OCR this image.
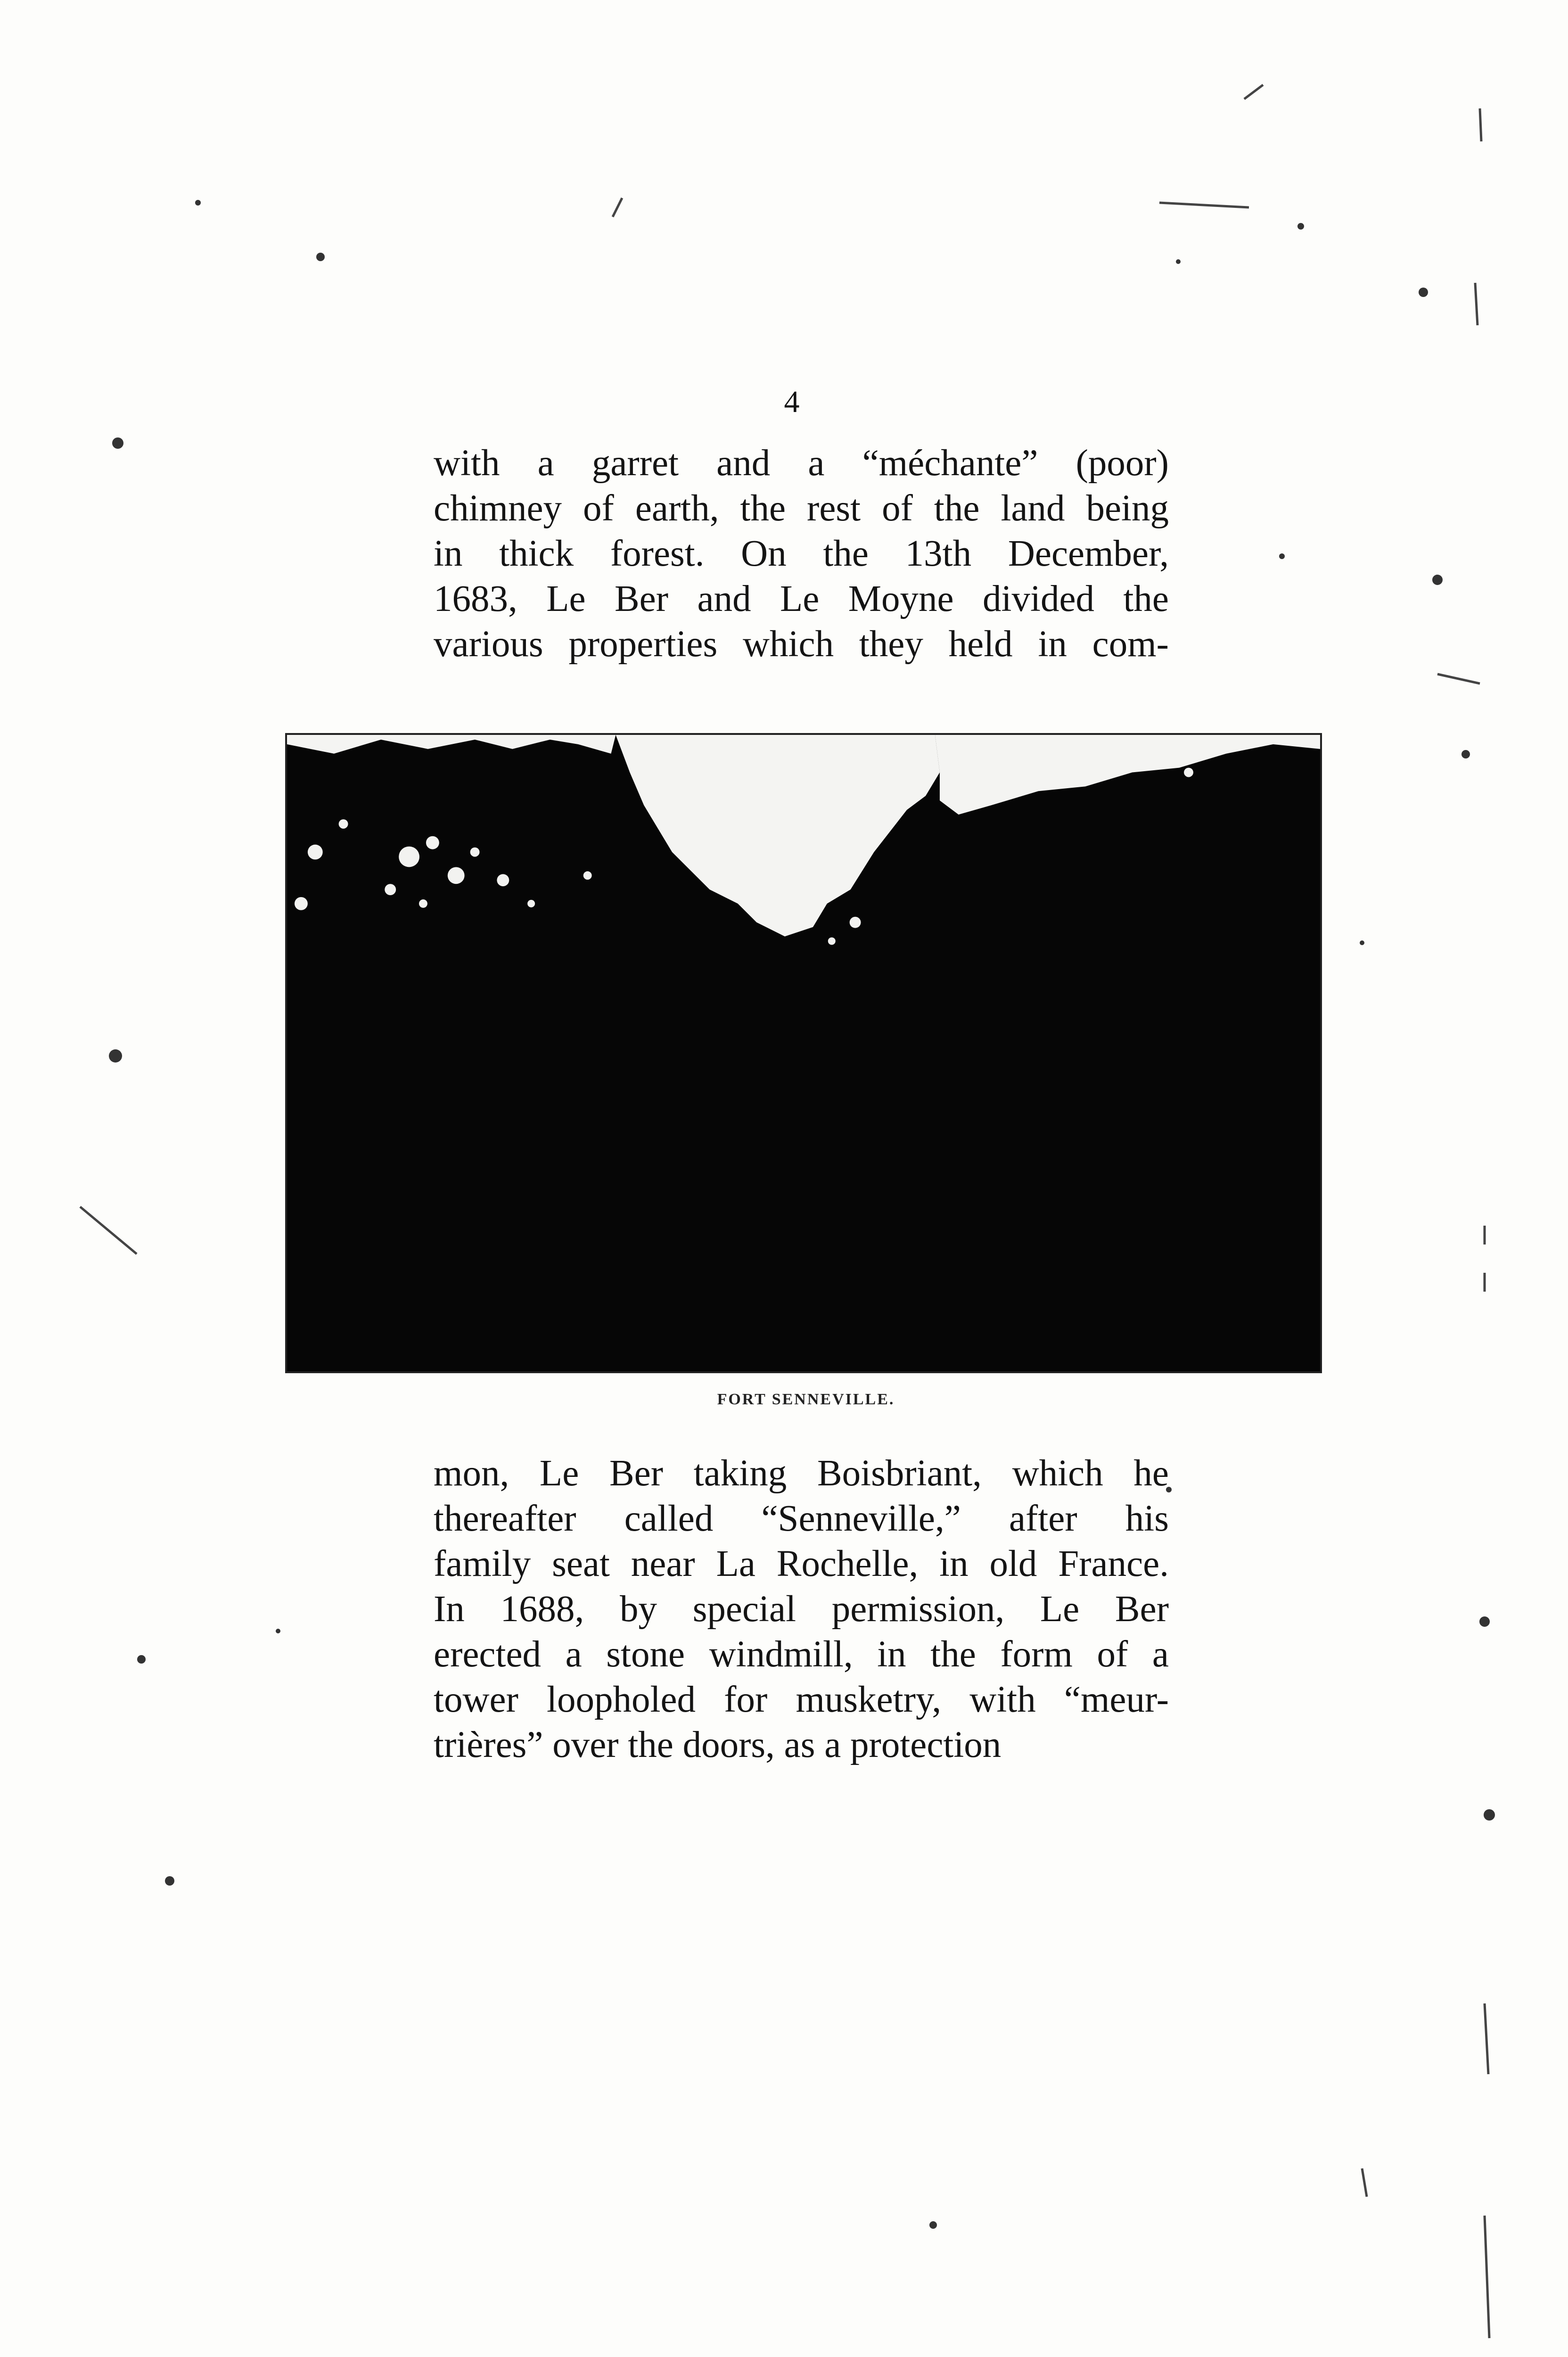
4
with a garret and a “méchante” (poor)
chimney of earth, the rest of the land being
in thick forest. On the 13th December,
1683, Le Ber and Le Moyne divided the
various properties which they held in com-
FORT SENNEVILLE.
mon, Le Ber taking Boisbriant, which he
thereafter called “Senneville,” after his
family seat near La Rochelle, in old France.
In 1688, by special permission, Le Ber
erected a stone windmill, in the form of a
tower loopholed for musketry, with “meur-
trières” over the doors, as a protection
